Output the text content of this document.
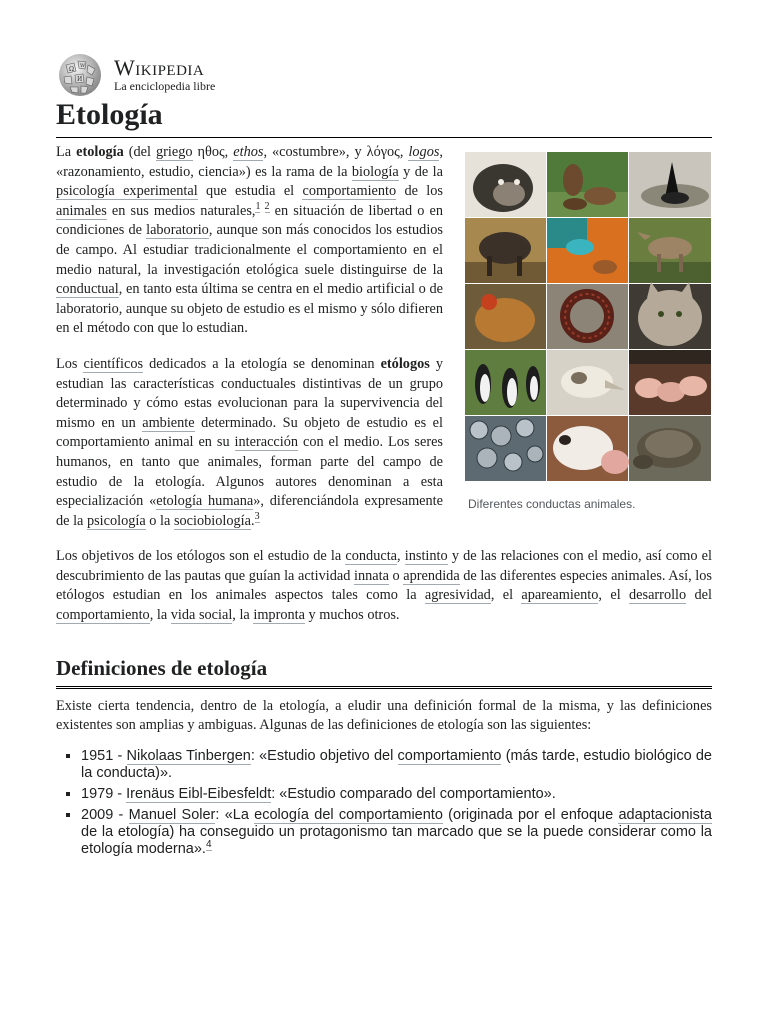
Ω W
И Wikipedia
La enciclopedia libre
Etología
Diferentes conductas animales.

La etología (del griego ηθος, ethos, «costumbre», y λόγος, logos, «razonamiento, estudio, ciencia») es la rama de la biología y de la psicología experimental que estudia el comportamiento de los animales en sus medios naturales,$^{1 2}$ en situación de libertad o en condiciones de laboratorio, aunque son más conocidos los estudios de campo. Al estudiar tradicionalmente el comportamiento en el medio natural, la investigación etológica suele distinguirse de la conductual, en tanto esta última se centra en el medio artificial o de laboratorio, aunque su objeto de estudio es el mismo y sólo difieren en el método con que lo estudian.

Los científicos dedicados a la etología se denominan etólogos y estudian las características conductuales distintivas de un grupo determinado y cómo estas evolucionan para la supervivencia del mismo en un ambiente determinado. Su objeto de estudio es el comportamiento animal en su interacción con el medio. Los seres humanos, en tanto que animales, forman parte del campo de estudio de la etología. Algunos autores denominan a esta especialización «etología humana», diferenciándola expresamente de la psicología o la sociobiología.$^3$

Los objetivos de los etólogos son el estudio de la conducta, instinto y de las relaciones con el medio, así como el descubrimiento de las pautas que guían la actividad innata o aprendida de las diferentes especies animales. Así, los etólogos estudian en los animales aspectos tales como la agresividad, el apareamiento, el desarrollo del comportamiento, la vida social, la impronta y muchos otros.

Definiciones de etología

Existe cierta tendencia, dentro de la etología, a eludir una definición formal de la misma, y las definiciones existentes son amplias y ambiguas. Algunas de las definiciones de etología son las siguientes:

▪ 1951 - Nikolaas Tinbergen: «Estudio objetivo del comportamiento (más tarde, estudio biológico de la conducta)».
▪ 1979 - Irenäus Eibl-Eibesfeldt: «Estudio comparado del comportamiento».
▪ 2009 - Manuel Soler: «La ecología del comportamiento (originada por el enfoque adaptacionista de la etología) ha conseguido un protagonismo tan marcado que se la puede considerar como la etología moderna».$^4$
